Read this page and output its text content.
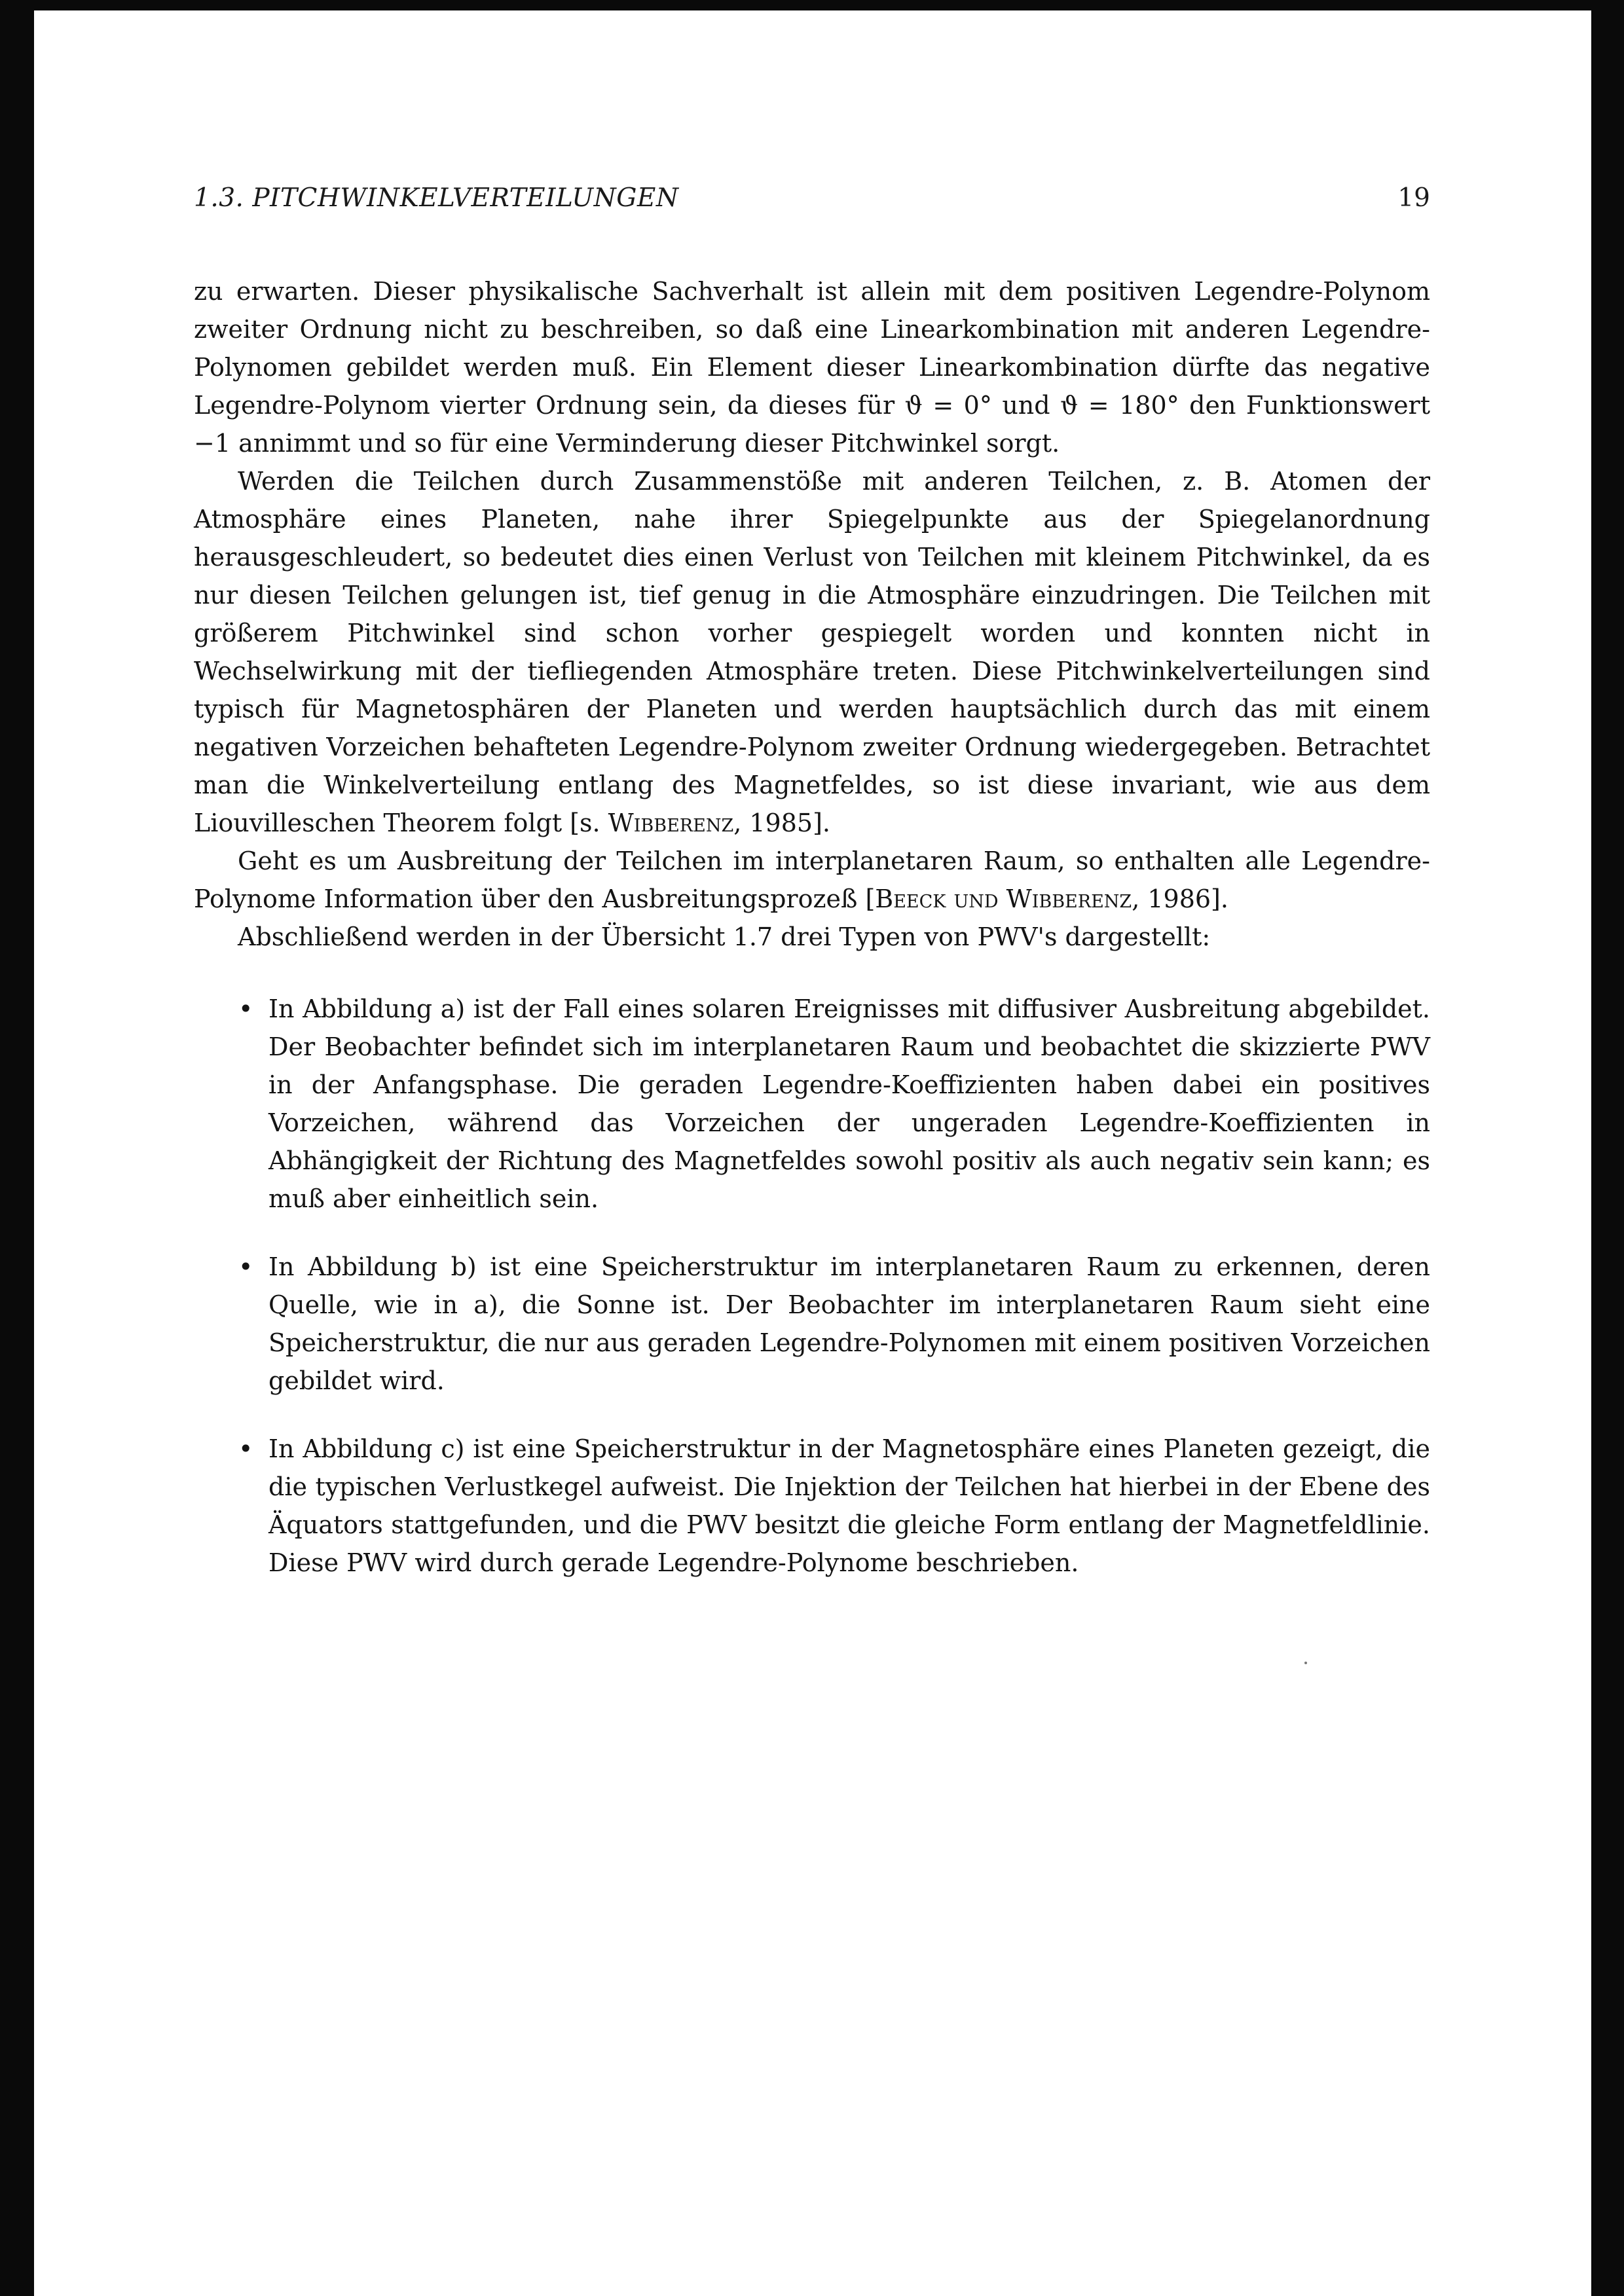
1.3. PITCHWINKELVERTEILUNGEN	19

zu erwarten. Dieser physikalische Sachverhalt ist allein mit dem positiven Legendre-Polynom zweiter Ordnung nicht zu beschreiben, so daß eine Linearkombination mit anderen Legendre-Polynomen gebildet werden muß. Ein Element dieser Linearkombination dürfte das negative Legendre-Polynom vierter Ordnung sein, da dieses für ϑ = 0° und ϑ = 180° den Funktionswert −1 annimmt und so für eine Verminderung dieser Pitchwinkel sorgt.

Werden die Teilchen durch Zusammenstöße mit anderen Teilchen, z. B. Atomen der Atmosphäre eines Planeten, nahe ihrer Spiegelpunkte aus der Spiegelanordnung herausgeschleudert, so bedeutet dies einen Verlust von Teilchen mit kleinem Pitchwinkel, da es nur diesen Teilchen gelungen ist, tief genug in die Atmosphäre einzudringen. Die Teilchen mit größerem Pitchwinkel sind schon vorher gespiegelt worden und konnten nicht in Wechselwirkung mit der tiefliegenden Atmosphäre treten. Diese Pitchwinkelverteilungen sind typisch für Magnetosphären der Planeten und werden hauptsächlich durch das mit einem negativen Vorzeichen behafteten Legendre-Polynom zweiter Ordnung wiedergegeben. Betrachtet man die Winkelverteilung entlang des Magnetfeldes, so ist diese invariant, wie aus dem Liouvilleschen Theorem folgt [s. Wibberenz, 1985].

Geht es um Ausbreitung der Teilchen im interplanetaren Raum, so enthalten alle Legendre-Polynome Information über den Ausbreitungsprozeß [Beeck und Wibberenz, 1986].

Abschließend werden in der Übersicht 1.7 drei Typen von PWV's dargestellt:

• In Abbildung a) ist der Fall eines solaren Ereignisses mit diffusiver Ausbreitung abgebildet. Der Beobachter befindet sich im interplanetaren Raum und beobachtet die skizzierte PWV in der Anfangsphase. Die geraden Legendre-Koeffizienten haben dabei ein positives Vorzeichen, während das Vorzeichen der ungeraden Legendre-Koeffizienten in Abhängigkeit der Richtung des Magnetfeldes sowohl positiv als auch negativ sein kann; es muß aber einheitlich sein.
• In Abbildung b) ist eine Speicherstruktur im interplanetaren Raum zu erkennen, deren Quelle, wie in a), die Sonne ist. Der Beobachter im interplanetaren Raum sieht eine Speicherstruktur, die nur aus geraden Legendre-Polynomen mit einem positiven Vorzeichen gebildet wird.
• In Abbildung c) ist eine Speicherstruktur in der Magnetosphäre eines Planeten gezeigt, die die typischen Verlustkegel aufweist. Die Injektion der Teilchen hat hierbei in der Ebene des Äquators stattgefunden, und die PWV besitzt die gleiche Form entlang der Magnetfeldlinie. Diese PWV wird durch gerade Legendre-Polynome beschrieben.
